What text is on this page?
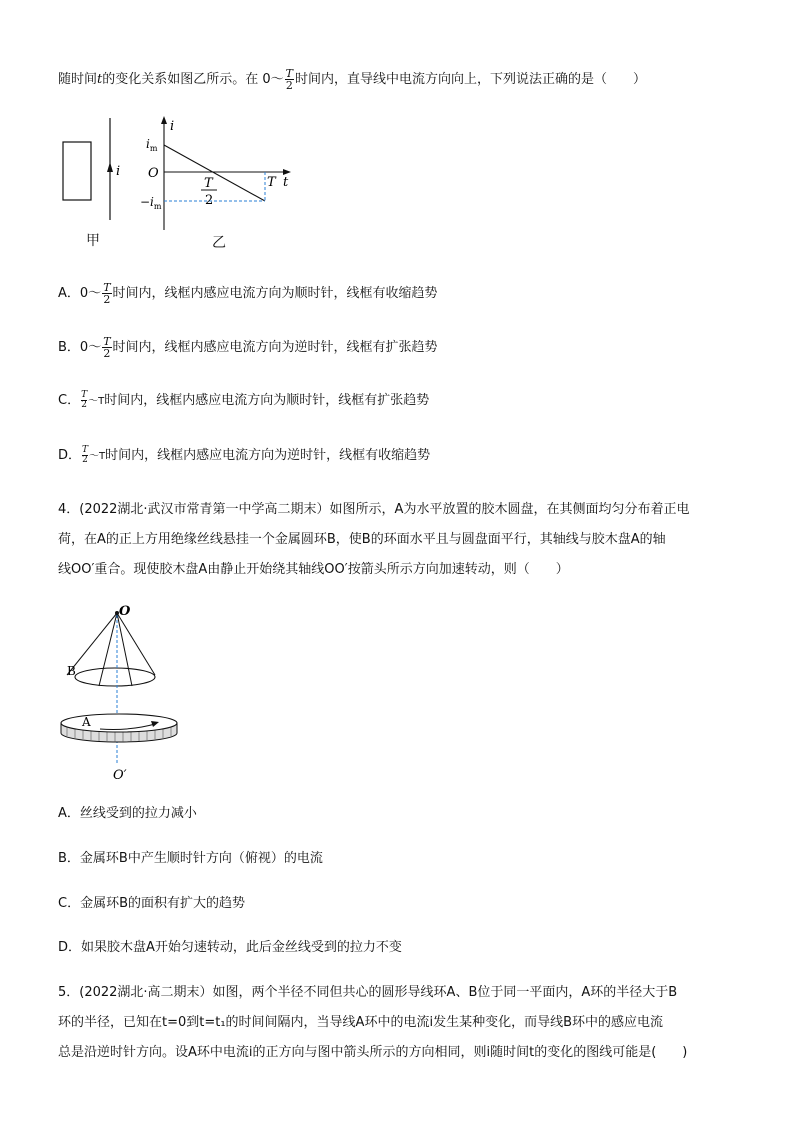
随时间t的变化关系如图乙所示。在 0～ $\frac{T}{2}$ 时间内，直导线中电流方向向上，下列说法正确的是（　　）
i
i
$i_m$
O
$-i_m$
T
2
T t
甲	乙
A．0～ $\frac{T}{2}$ 时间内，线框内感应电流方向为顺时针，线框有收缩趋势
B．0～ $\frac{T}{2}$ 时间内，线框内感应电流方向为逆时针，线框有扩张趋势
C． $\frac{T}{2}$ ～T时间内，线框内感应电流方向为顺时针，线框有扩张趋势
D． $\frac{T}{2}$ ～T时间内，线框内感应电流方向为逆时针，线框有收缩趋势
4．(2022湖北·武汉市常青第一中学高二期末）如图所示，A为水平放置的胶木圆盘，在其侧面均匀分布着正电
荷，在A的正上方用绝缘丝线悬挂一个金属圆环B，使B的环面水平且与圆盘面平行，其轴线与胶木盘A的轴
线OO′重合。现使胶木盘A由静止开始绕其轴线OO′按箭头所示方向加速转动，则（　　）
O
B
A
O′
A．丝线受到的拉力减小
B．金属环B中产生顺时针方向（俯视）的电流
C．金属环B的面积有扩大的趋势
D．如果胶木盘A开始匀速转动，此后金丝线受到的拉力不变
5．(2022湖北·高二期末）如图，两个半径不同但共心的圆形导线环A、B位于同一平面内，A环的半径大于B
环的半径，已知在t=0到t=t₁的时间间隔内，当导线A环中的电流i发生某种变化，而导线B环中的感应电流
总是沿逆时针方向。设A环中电流i的正方向与图中箭头所示的方向相同，则i随时间t的变化的图线可能是(　　)
